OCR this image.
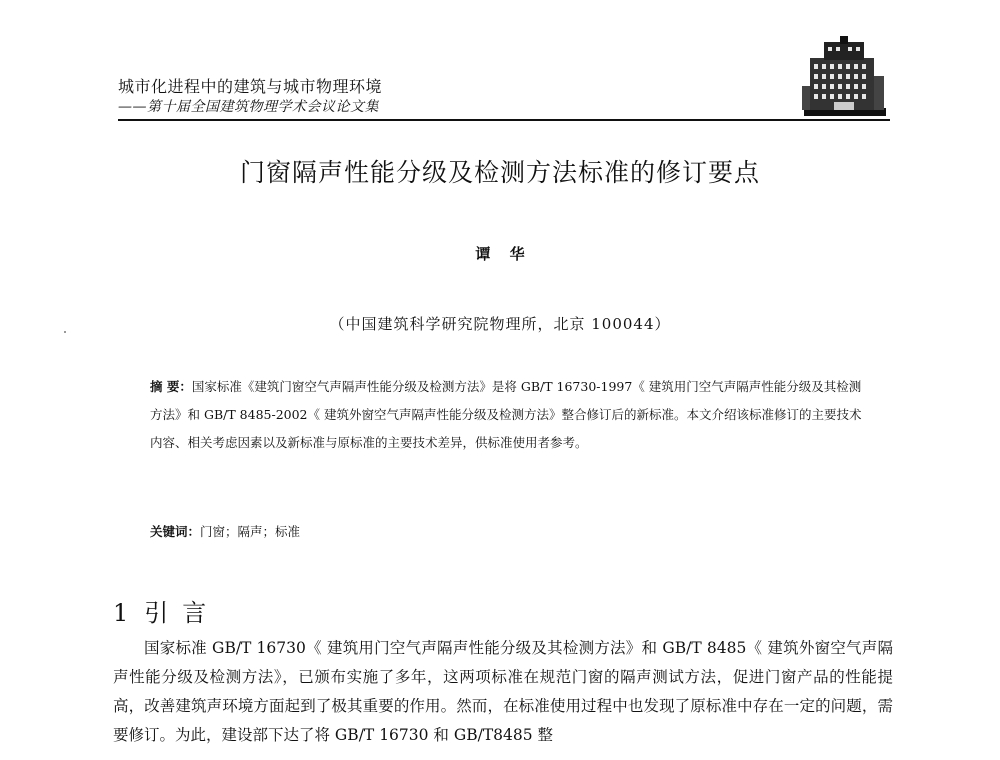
城市化进程中的建筑与城市物理环境
——第十届全国建筑物理学术会议论文集
门窗隔声性能分级及检测方法标准的修订要点
谭 华
（中国建筑科学研究院物理所，北京 100044）

摘 要：国家标准《建筑门窗空气声隔声性能分级及检测方法》是将 GB/T 16730-1997《 建筑用门空气声隔声性能分级及其检测方法》和 GB/T 8485-2002《 建筑外窗空气声隔声性能分级及检测方法》整合修订后的新标准。本文介绍该标准修订的主要技术内容、相关考虑因素以及新标准与原标准的主要技术差异，供标准使用者参考。

关键词：门窗；隔声；标准
1 引言

国家标准 GB/T 16730《 建筑用门空气声隔声性能分级及其检测方法》和 GB/T 8485《 建筑外窗空气声隔声性能分级及检测方法》，已颁布实施了多年，这两项标准在规范门窗的隔声测试方法，促进门窗产品的性能提高，改善建筑声环境方面起到了极其重要的作用。然而，在标准使用过程中也发现了原标准中存在一定的问题，需要修订。为此，建设部下达了将 GB/T 16730 和 GB/T8485 整
